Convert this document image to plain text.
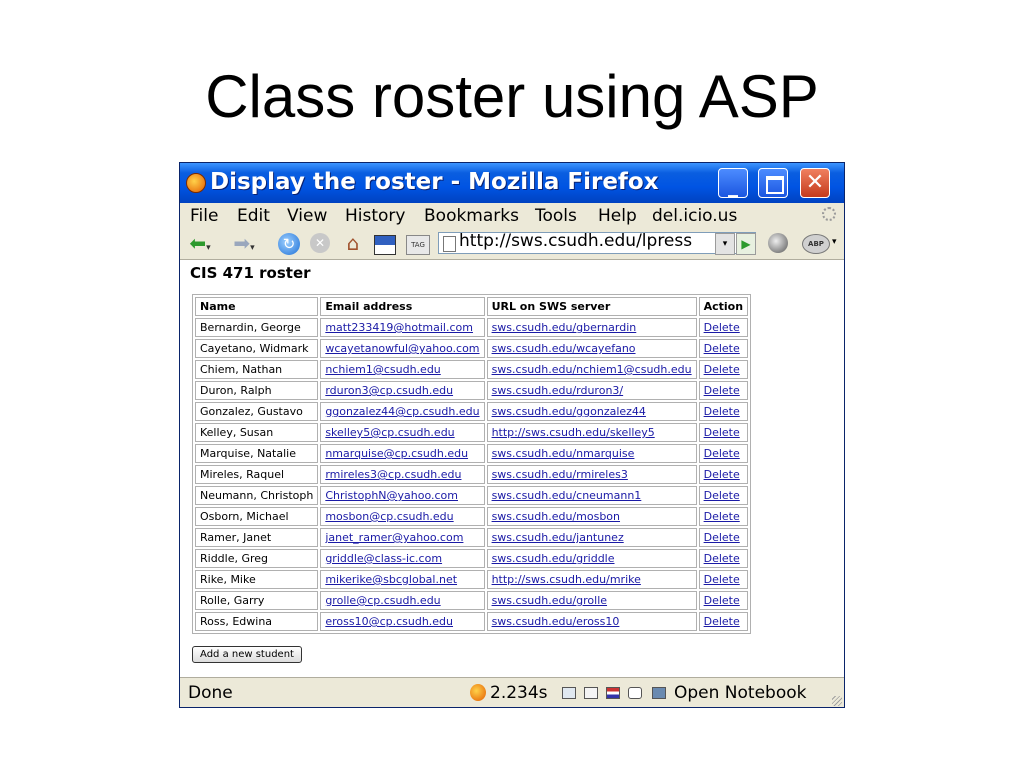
Class roster using ASP
Display the roster - Mozilla Firefox	_	✕
File Edit View History Bookmarks Tools Help del.icio.us
⬅▾ ➡▾	↻	✕ ⌂	TAG http://sws.csudh.edu/lpress	▾	▶	ABP ▾
CIS 471 roster
Name	Email address	URL on SWS server	Action
Bernardin, George	matt233419@hotmail.com	sws.csudh.edu/gbernardin	Delete
Cayetano, Widmark	wcayetanowful@yahoo.com	sws.csudh.edu/wcayefano	Delete
Chiem, Nathan	nchiem1@csudh.edu	sws.csudh.edu/nchiem1@csudh.edu	Delete
Duron, Ralph	rduron3@cp.csudh.edu	sws.csudh.edu/rduron3/	Delete
Gonzalez, Gustavo	ggonzalez44@cp.csudh.edu	sws.csudh.edu/ggonzalez44	Delete
Kelley, Susan	skelley5@cp.csudh.edu	http://sws.csudh.edu/skelley5	Delete
Marquise, Natalie	nmarquise@cp.csudh.edu	sws.csudh.edu/nmarquise	Delete
Mireles, Raquel	rmireles3@cp.csudh.edu	sws.csudh.edu/rmireles3	Delete
Neumann, Christoph	ChristophN@yahoo.com	sws.csudh.edu/cneumann1	Delete
Osborn, Michael	mosbon@cp.csudh.edu	sws.csudh.edu/mosbon	Delete
Ramer, Janet	janet_ramer@yahoo.com	sws.csudh.edu/jantunez	Delete
Riddle, Greg	griddle@class-ic.com	sws.csudh.edu/griddle	Delete
Rike, Mike	mikerike@sbcglobal.net	http://sws.csudh.edu/mrike	Delete
Rolle, Garry	grolle@cp.csudh.edu	sws.csudh.edu/grolle	Delete
Ross, Edwina	eross10@cp.csudh.edu	sws.csudh.edu/eross10	Delete
Add a new student
Done	2.234s	Open Notebook
